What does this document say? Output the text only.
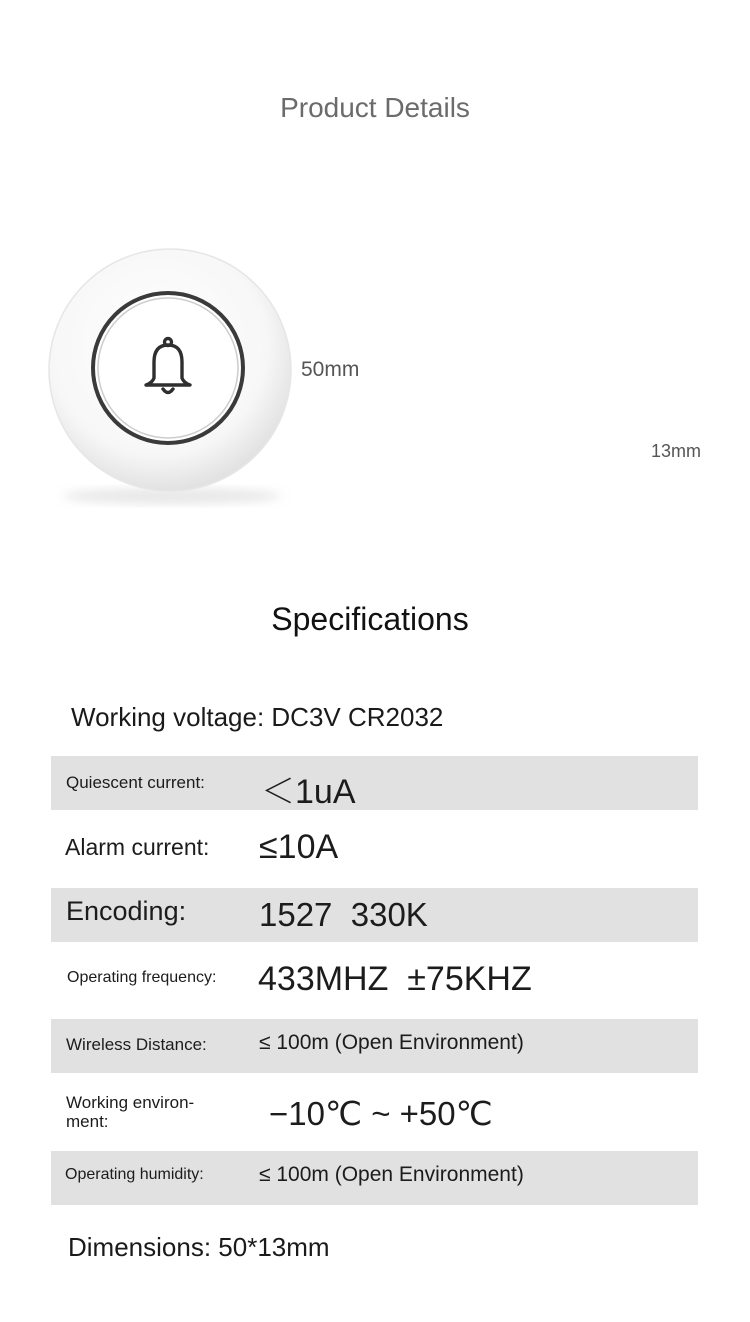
Product Details
50mm
13mm
Specifications
Working voltage: DC3V CR2032
Quiescent current: ＜1uA
Alarm current: ≤10A
Encoding: 1527  330K
Operating frequency: 433MHZ  ±75KHZ
Wireless Distance: ≤ 100m (Open Environment)
Working environ-ment:	−10℃ ~ +50℃
Operating humidity:	≤ 100m (Open Environment)
Dimensions: 50*13mm
